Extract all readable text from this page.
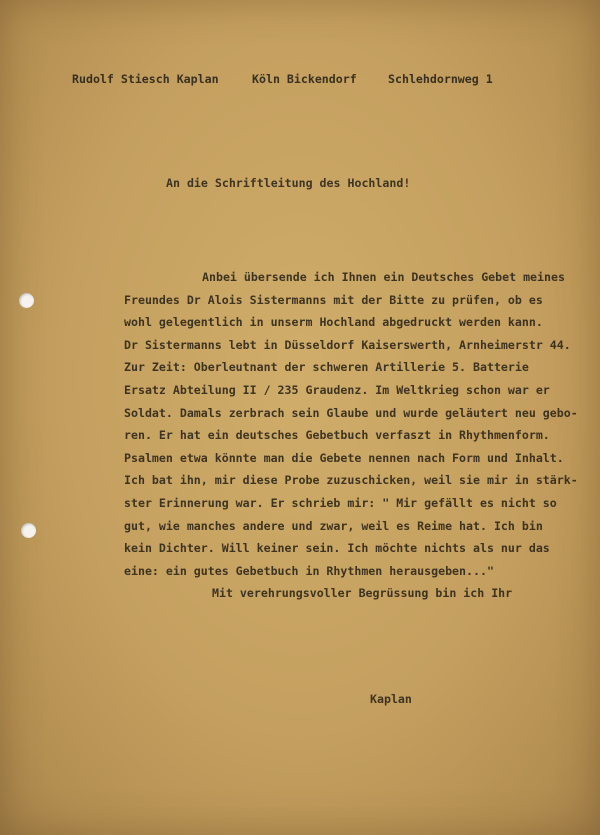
Rudolf Stiesch Kaplan

	Köln Bickendorf

	Schlehdornweg 1

An die Schriftleitung des Hochland!
Anbei übersende ich Ihnen ein Deutsches Gebet meines
Freundes Dr Alois Sistermanns mit der Bitte zu prüfen, ob es
wohl gelegentlich in unserm Hochland abgedruckt werden kann.
Dr Sistermanns lebt in Düsseldorf Kaiserswerth, Arnheimerstr 44.
Zur Zeit: Oberleutnant der schweren Artillerie 5. Batterie
Ersatz Abteilung II / 235 Graudenz. Im Weltkrieg schon war er
Soldat. Damals zerbrach sein Glaube und wurde geläutert neu gebo-
ren. Er hat ein deutsches Gebetbuch verfaszt in Rhythmenform.
Psalmen etwa könnte man die Gebete nennen nach Form und Inhalt.
Ich bat ihn, mir diese Probe zuzuschicken, weil sie mir in stärk-
ster Erinnerung war. Er schrieb mir: " Mir gefällt es nicht so
gut, wie manches andere und zwar, weil es Reime hat. Ich bin
kein Dichter. Will keiner sein. Ich möchte nichts als nur das
eine: ein gutes Gebetbuch in Rhythmen herausgeben..."
Mit verehrungsvoller Begrüssung bin ich Ihr
Kaplan
